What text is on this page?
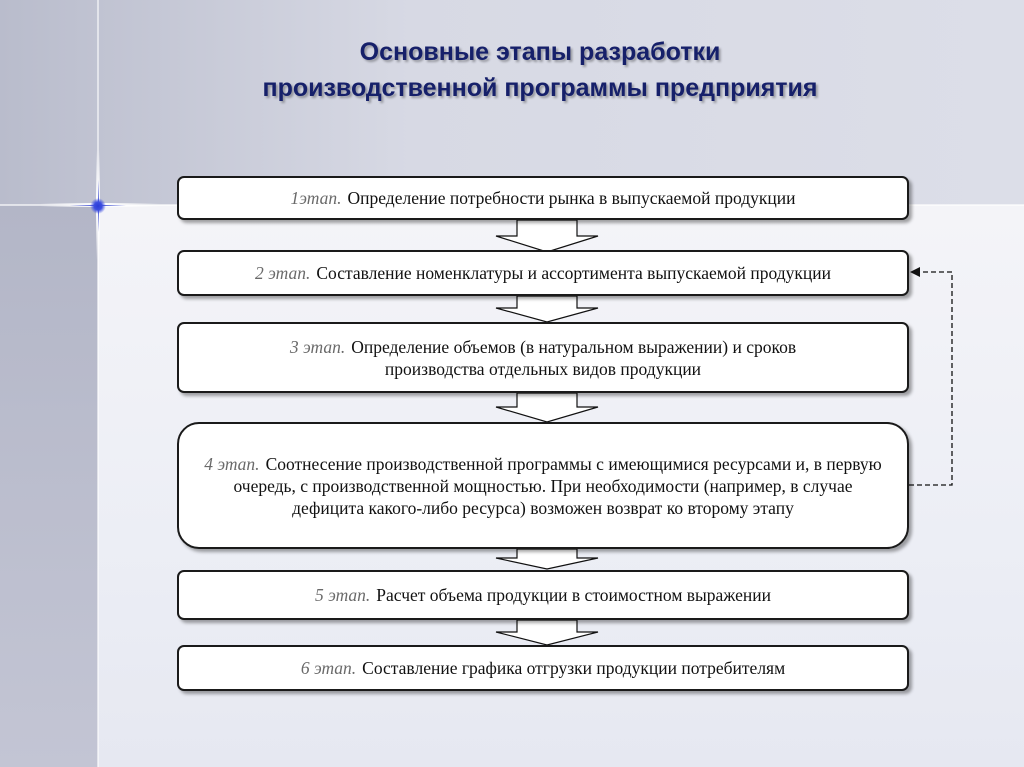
Основные этапы разработки
производственной программы предприятия
1этап. Определение потребности рынка в выпускаемой продукции
2 этап. Составление номенклатуры и ассортимента выпускаемой продукции
3 этап. Определение объемов (в натуральном выражении) и сроков производства отдельных видов продукции
4 этап. Соотнесение производственной программы с имеющимися ресурсами и, в первую очередь, с производственной мощностью. При необходимости (например, в случае дефицита какого-либо ресурса) возможен возврат ко второму этапу
5 этап. Расчет объема продукции в стоимостном выражении
6 этап. Составление графика отгрузки продукции потребителям
